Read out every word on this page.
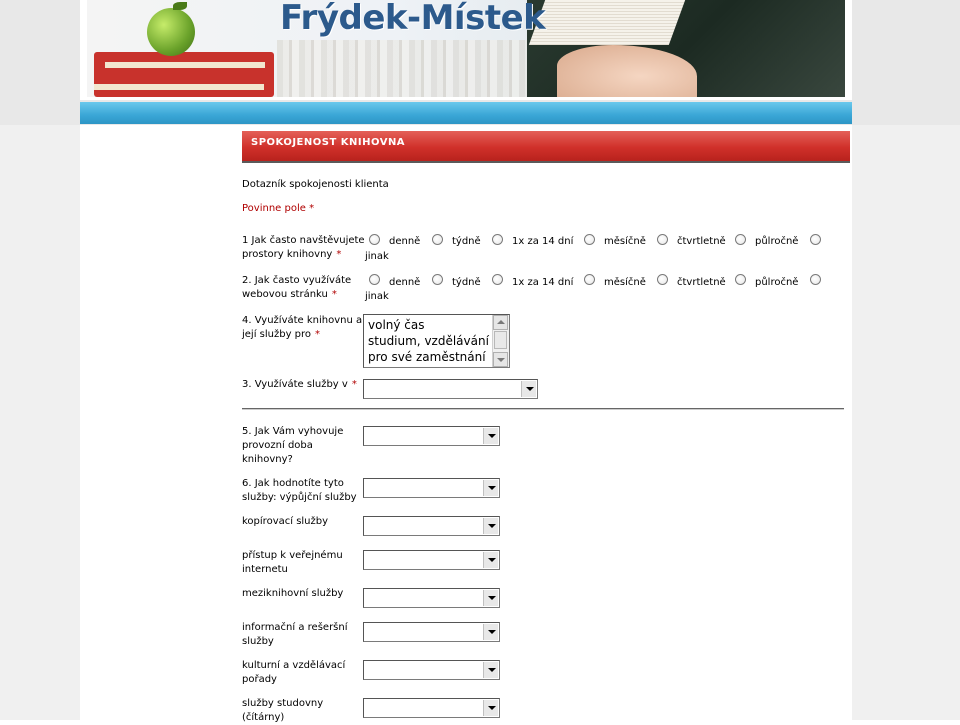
Frýdek-Místek
SPOKOJENOST KNIHOVNA
Dotazník spokojenosti klienta
Povinne pole *
1 Jak často navštěvujete
prostory knihovny *
denně	týdně	1x za 14 dní	měsíčně	čtvrtletně	půlročně
jinak
2. Jak často využíváte
webovou stránku *
denně	týdně	1x za 14 dní	měsíčně	čtvrtletně	půlročně
jinak
4. Využíváte knihovnu a
její služby pro *
volný čas
studium, vzdělávání
pro své zaměstnání
3. Využíváte služby v *
5. Jak Vám vyhovuje
provozní doba
knihovny?
6. Jak hodnotíte tyto
služby: výpůjční služby
kopírovací služby
přístup k veřejnému
internetu
meziknihovní služby
informační a rešeršní
služby
kulturní a vzdělávací
pořady
služby studovny
(čítárny)
